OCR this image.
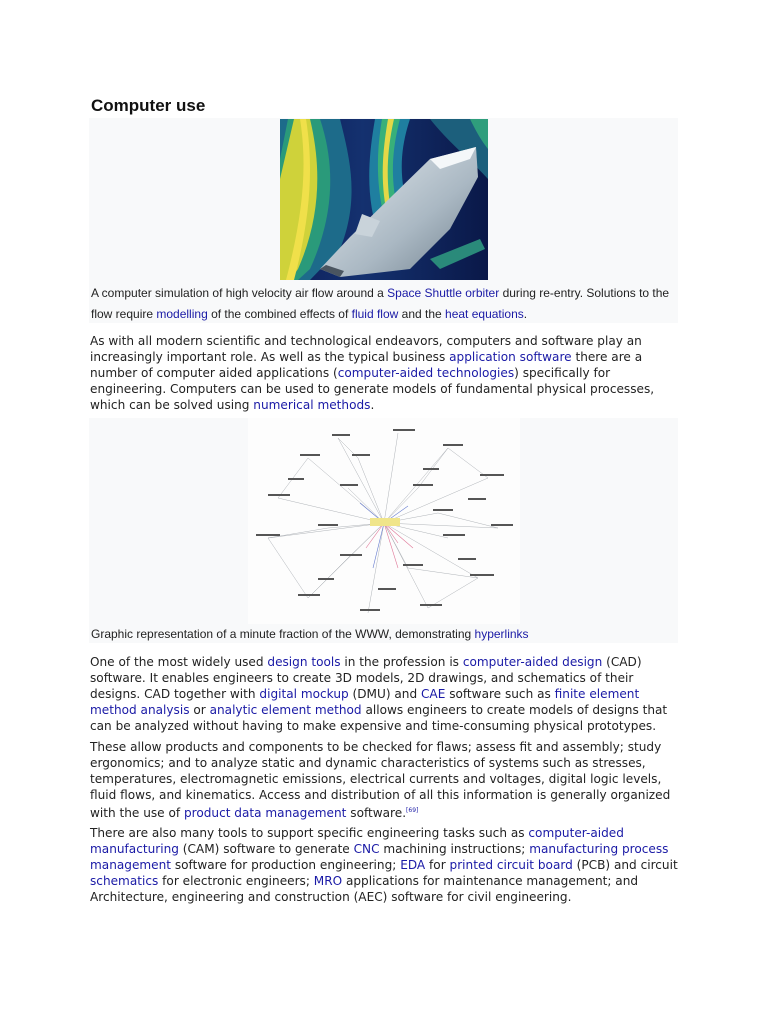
Computer use
A computer simulation of high velocity air flow around a Space Shuttle orbiter during re-entry. Solutions to the flow require modelling of the combined effects of fluid flow and the heat equations.

As with all modern scientific and technological endeavors, computers and software play an increasingly important role. As well as the typical business application software there are a number of computer aided applications (computer-aided technologies) specifically for engineering. Computers can be used to generate models of fundamental physical processes, which can be solved using numerical methods.

Graphic representation of a minute fraction of the WWW, demonstrating hyperlinks

One of the most widely used design tools in the profession is computer-aided design (CAD) software. It enables engineers to create 3D models, 2D drawings, and schematics of their designs. CAD together with digital mockup (DMU) and CAE software such as finite element method analysis or analytic element method allows engineers to create models of designs that can be analyzed without having to make expensive and time-consuming physical prototypes.

These allow products and components to be checked for flaws; assess fit and assembly; study ergonomics; and to analyze static and dynamic characteristics of systems such as stresses, temperatures, electromagnetic emissions, electrical currents and voltages, digital logic levels, fluid flows, and kinematics. Access and distribution of all this information is generally organized with the use of product data management software.[69]

There are also many tools to support specific engineering tasks such as computer-aided manufacturing (CAM) software to generate CNC machining instructions; manufacturing process management software for production engineering; EDA for printed circuit board (PCB) and circuit schematics for electronic engineers; MRO applications for maintenance management; and Architecture, engineering and construction (AEC) software for civil engineering.
